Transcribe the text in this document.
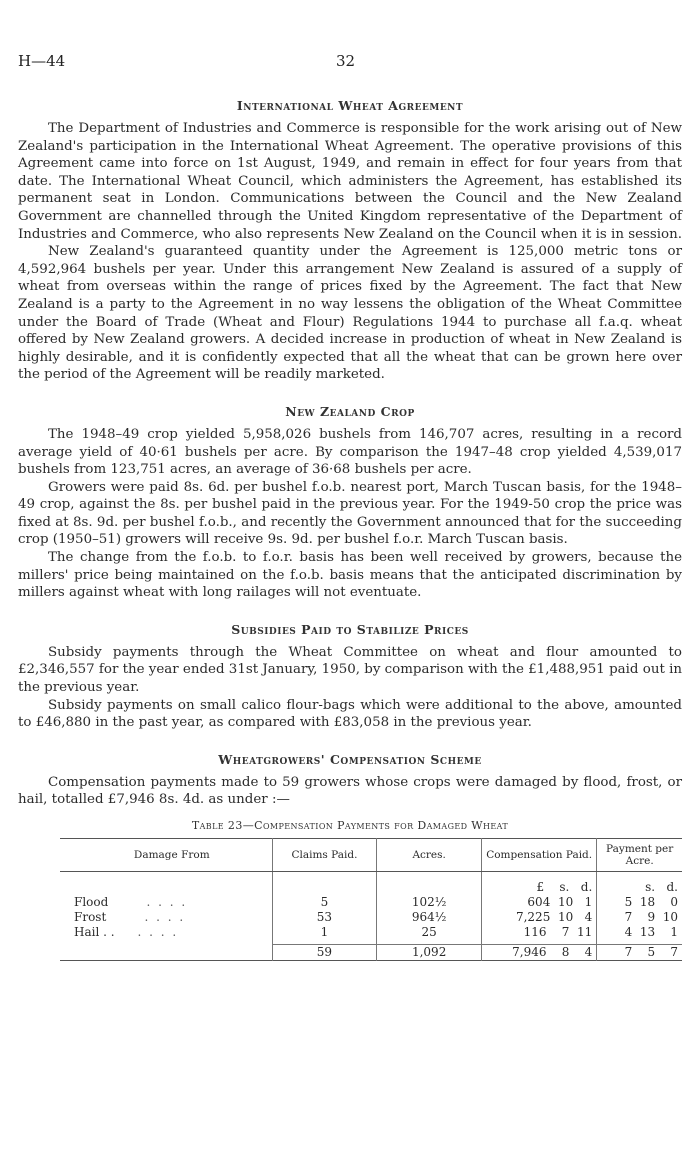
H—44	32
International Wheat Agreement

The Department of Industries and Commerce is responsible for the work arising out of New Zealand's participation in the International Wheat Agreement. The operative provisions of this Agreement came into force on 1st August, 1949, and remain in effect for four years from that date. The International Wheat Council, which administers the Agreement, has established its permanent seat in London. Communications between the Council and the New Zealand Government are channelled through the United Kingdom representative of the Department of Industries and Commerce, who also represents New Zealand on the Council when it is in session.

New Zealand's guaranteed quantity under the Agreement is 125,000 metric tons or 4,592,964 bushels per year. Under this arrangement New Zealand is assured of a supply of wheat from overseas within the range of prices fixed by the Agreement. The fact that New Zealand is a party to the Agreement in no way lessens the obligation of the Wheat Committee under the Board of Trade (Wheat and Flour) Regulations 1944 to purchase all f.a.q. wheat offered by New Zealand growers. A decided increase in production of wheat in New Zealand is highly desirable, and it is confidently expected that all the wheat that can be grown here over the period of the Agreement will be readily marketed.

New Zealand Crop

The 1948–49 crop yielded 5,958,026 bushels from 146,707 acres, resulting in a record average yield of 40·61 bushels per acre. By comparison the 1947–48 crop yielded 4,539,017 bushels from 123,751 acres, an average of 36·68 bushels per acre.

Growers were paid 8s. 6d. per bushel f.o.b. nearest port, March Tuscan basis, for the 1948–49 crop, against the 8s. per bushel paid in the previous year. For the 1949-50 crop the price was fixed at 8s. 9d. per bushel f.o.b., and recently the Government announced that for the succeeding crop (1950–51) growers will receive 9s. 9d. per bushel f.o.r. March Tuscan basis.

The change from the f.o.b. to f.o.r. basis has been well received by growers, because the millers' price being maintained on the f.o.b. basis means that the anticipated discrimination by millers against wheat with long railages will not eventuate.

Subsidies Paid to Stabilize Prices

Subsidy payments through the Wheat Committee on wheat and flour amounted to £2,346,557 for the year ended 31st January, 1950, by comparison with the £1,488,951 paid out in the previous year.

Subsidy payments on small calico flour-bags which were additional to the above, amounted to £46,880 in the past year, as compared with £83,058 in the previous year.

Wheatgrowers' Compensation Scheme

Compensation payments made to 59 growers whose crops were damaged by flood, frost, or hail, totalled £7,946 8s. 4d. as under :—

Table 23—Compensation Payments for Damaged Wheat
Damage From	Claims Paid.	Acres.	Compensation Paid.	Payment per Acre.
			£    s.   d.	s.   d.
Flood . . . .	5	102½	604  10   1	5  18    0
Frost . . . .	53	964½	7,225  10   4	7    9  10
Hail . . . . . .	1	25	116    7  11	4  13    1
	59	1,092	7,946    8    4	7    5    7
